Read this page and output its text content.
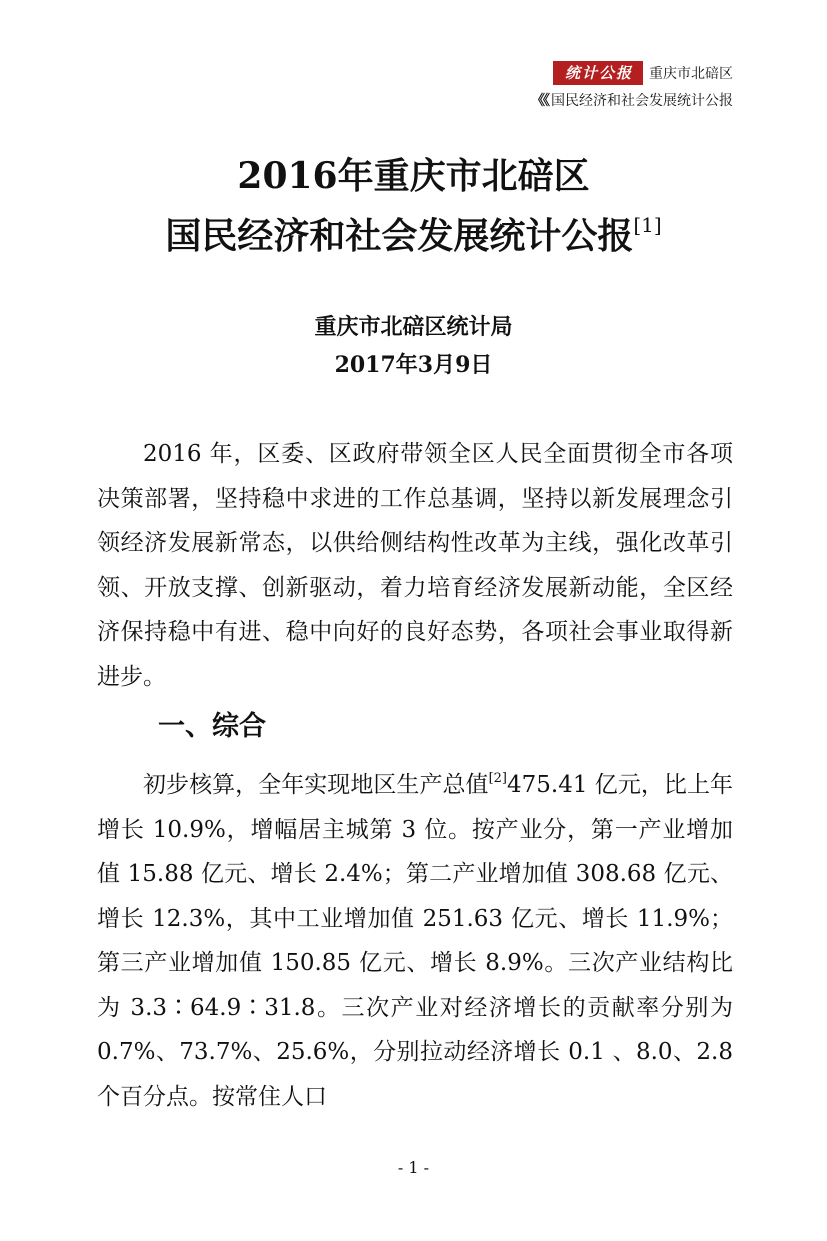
统计公报	重庆市北碚区
《《 国民经济和社会发展统计公报
2016年重庆市北碚区
国民经济和社会发展统计公报[1]
重庆市北碚区统计局
2017年3月9日

2016 年，区委、区政府带领全区人民全面贯彻全市各项决策部署，坚持稳中求进的工作总基调，坚持以新发展理念引领经济发展新常态，以供给侧结构性改革为主线，强化改革引领、开放支撑、创新驱动，着力培育经济发展新动能，全区经济保持稳中有进、稳中向好的良好态势，各项社会事业取得新进步。

一、综合

初步核算，全年实现地区生产总值[2]475.41 亿元，比上年增长 10.9%，增幅居主城第 3 位。按产业分，第一产业增加值 15.88 亿元、增长 2.4%；第二产业增加值 308.68 亿元、增长 12.3%，其中工业增加值 251.63 亿元、增长 11.9%；第三产业增加值 150.85 亿元、增长 8.9%。三次产业结构比为 3.3∶64.9∶31.8。三次产业对经济增长的贡献率分别为 0.7%、73.7%、25.6%，分别拉动经济增长 0.1 、8.0、2.8 个百分点。按常住人口

- 1 -
